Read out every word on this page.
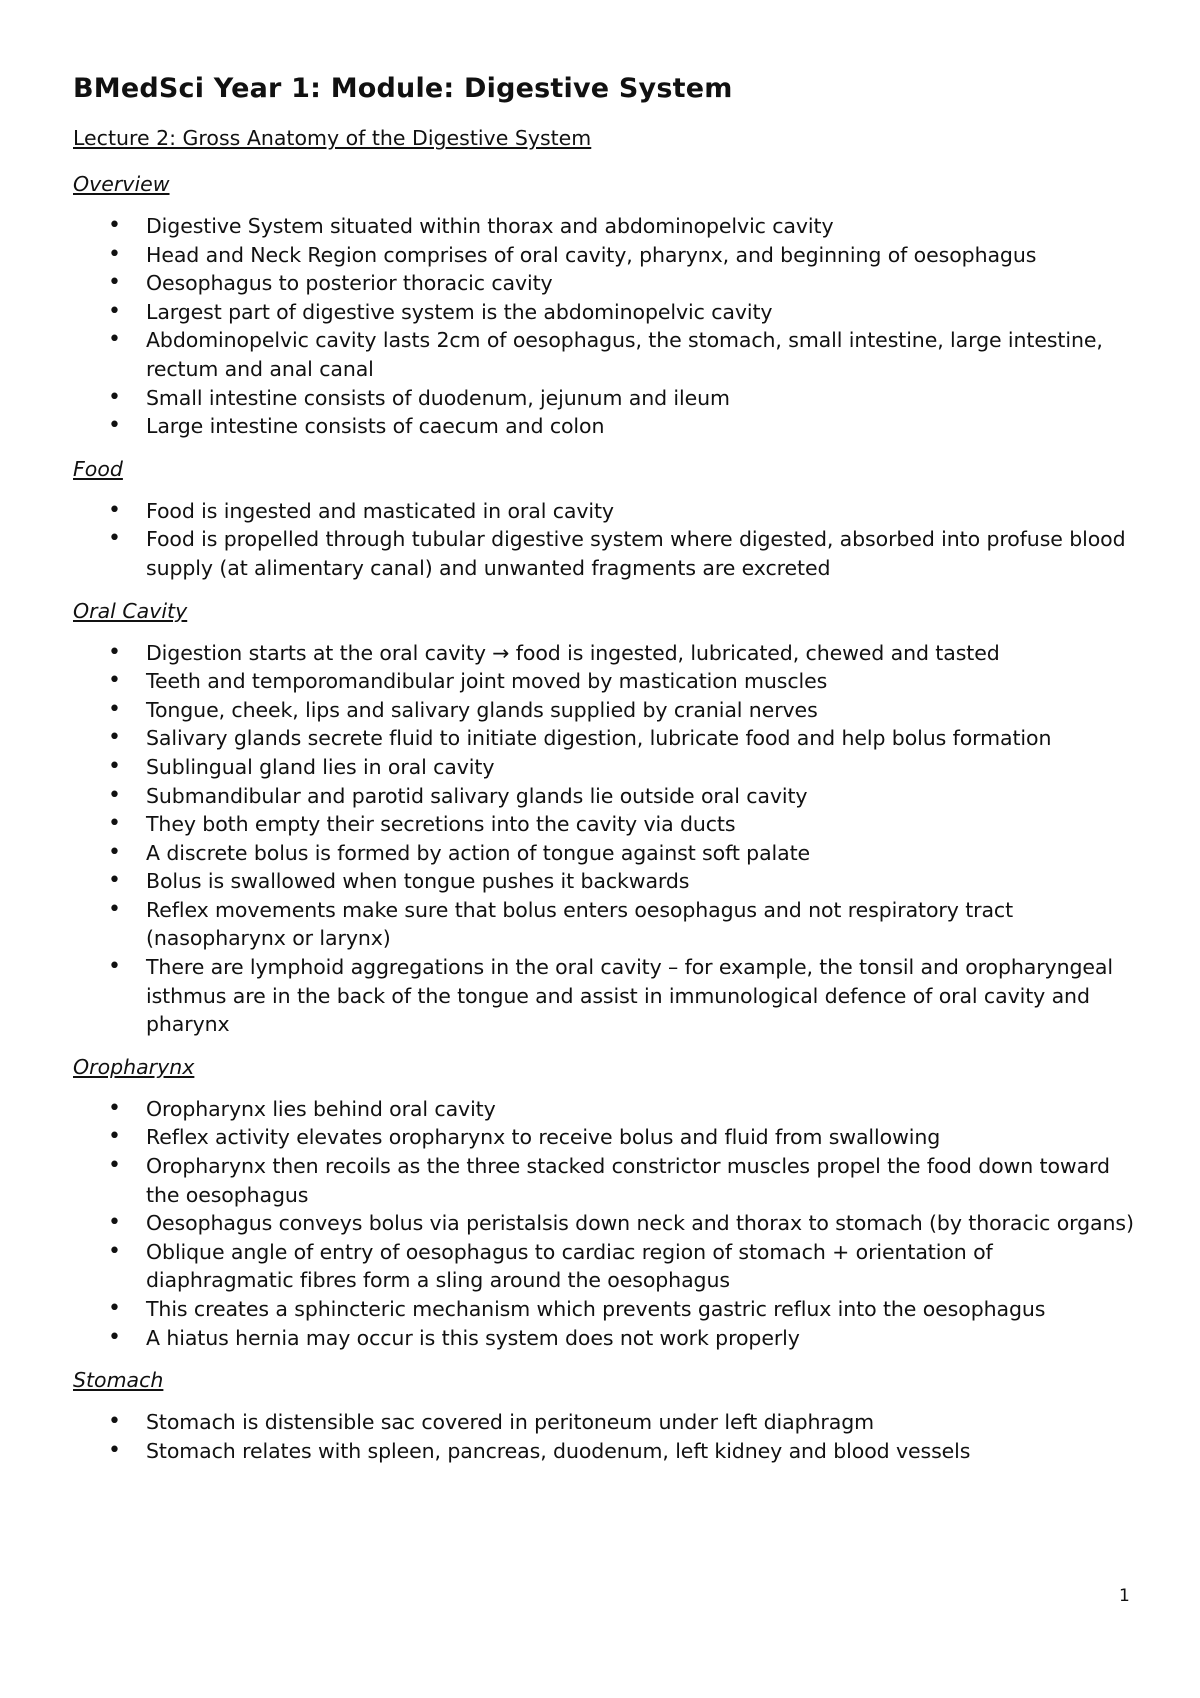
BMedSci Year 1: Module: Digestive System
Lecture 2: Gross Anatomy of the Digestive System
Overview
• Digestive System situated within thorax and abdominopelvic cavity
• Head and Neck Region comprises of oral cavity, pharynx, and beginning of oesophagus
• Oesophagus to posterior thoracic cavity
• Largest part of digestive system is the abdominopelvic cavity
• Abdominopelvic cavity lasts 2cm of oesophagus, the stomach, small intestine, large intestine, rectum and anal canal
• Small intestine consists of duodenum, jejunum and ileum
• Large intestine consists of caecum and colon
Food
• Food is ingested and masticated in oral cavity
• Food is propelled through tubular digestive system where digested, absorbed into profuse blood supply (at alimentary canal) and unwanted fragments are excreted
Oral Cavity
• Digestion starts at the oral cavity → food is ingested, lubricated, chewed and tasted
• Teeth and temporomandibular joint moved by mastication muscles
• Tongue, cheek, lips and salivary glands supplied by cranial nerves
• Salivary glands secrete fluid to initiate digestion, lubricate food and help bolus formation
• Sublingual gland lies in oral cavity
• Submandibular and parotid salivary glands lie outside oral cavity
• They both empty their secretions into the cavity via ducts
• A discrete bolus is formed by action of tongue against soft palate
• Bolus is swallowed when tongue pushes it backwards
• Reflex movements make sure that bolus enters oesophagus and not respiratory tract (nasopharynx or larynx)
• There are lymphoid aggregations in the oral cavity – for example, the tonsil and oropharyngeal isthmus are in the back of the tongue and assist in immunological defence of oral cavity and pharynx
Oropharynx
• Oropharynx lies behind oral cavity
• Reflex activity elevates oropharynx to receive bolus and fluid from swallowing
• Oropharynx then recoils as the three stacked constrictor muscles propel the food down toward the oesophagus
• Oesophagus conveys bolus via peristalsis down neck and thorax to stomach (by thoracic organs)
• Oblique angle of entry of oesophagus to cardiac region of stomach + orientation of diaphragmatic fibres form a sling around the oesophagus
• This creates a sphincteric mechanism which prevents gastric reflux into the oesophagus
• A hiatus hernia may occur is this system does not work properly
Stomach
• Stomach is distensible sac covered in peritoneum under left diaphragm
• Stomach relates with spleen, pancreas, duodenum, left kidney and blood vessels
1
